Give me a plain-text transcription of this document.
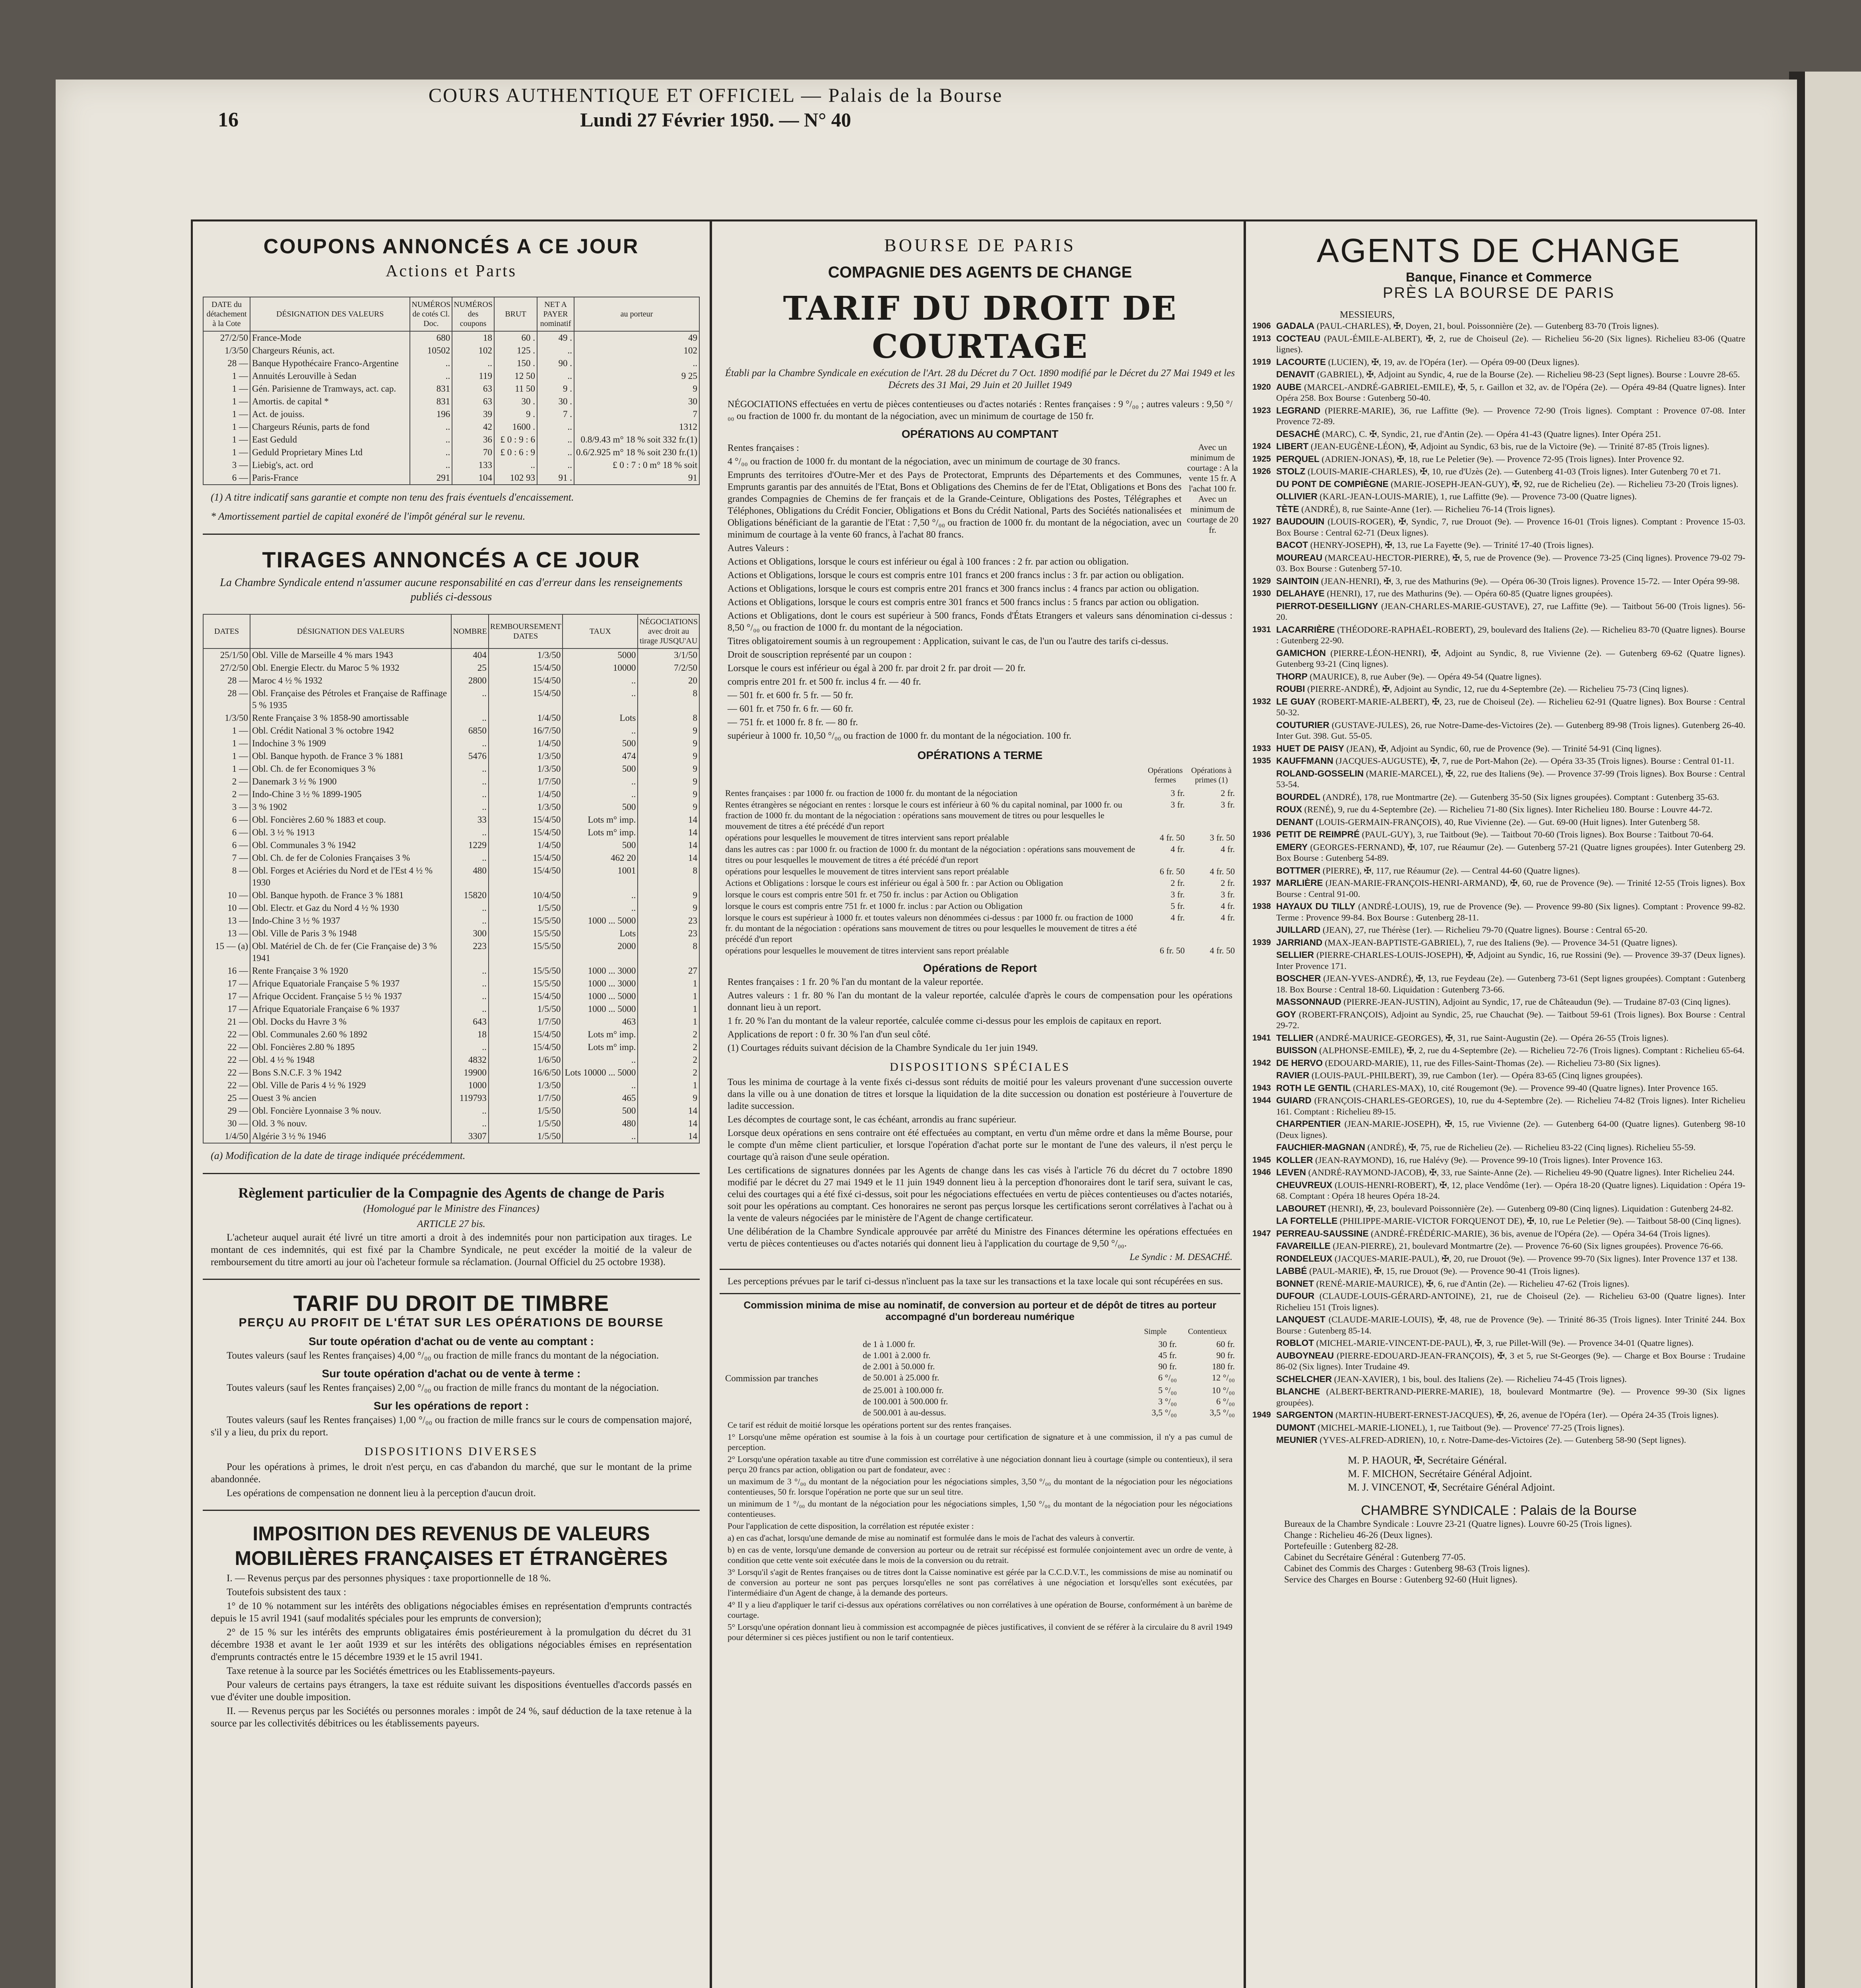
16
COURS AUTHENTIQUE ET OFFICIEL — Palais de la Bourse
Lundi 27 Février 1950. — N° 40
COUPONS ANNONCÉS A CE JOUR
Actions et Parts
DATE du détachement à la Cote	DÉSIGNATION DES VALEURS	NUMÉROS de cotés Cl. Doc.	NUMÉROS des coupons	BRUT	NET A PAYER nominatif	au porteur
27/2/50	France-Mode	680	18	60 .	49 .	49
1/3/50	Chargeurs Réunis, act.	10502	102	125 .	..	102
28 —	Banque Hypothécaire Franco-Argentine	..	..	150 .	90 .	..
1 —	Annuités Lerouville à Sedan	..	119	12 50	..	9 25
1 —	Gén. Parisienne de Tramways, act. cap.	831	63	11 50	9 .	9
1 —	Amortis. de capital *	831	63	30 .	30 .	30
1 —	Act. de jouiss.	196	39	9 .	7 .	7
1 —	Chargeurs Réunis, parts de fond	..	42	1600 .	..	1312
1 —	East Geduld	..	36	£ 0 : 9 : 6	..	0.8/9.43 m° 18 % soit 332 fr.(1)
1 —	Geduld Proprietary Mines Ltd	..	70	£ 0 : 6 : 9	..	0.6/2.925 m° 18 % soit 230 fr.(1)
3 —	Liebig's, act. ord	..	133	..	..	£ 0 : 7 : 0 m° 18 % soit
6 —	Paris-France	291	104	102 93	91 .	91
(1) A titre indicatif sans garantie et compte non tenu des frais éventuels d'encaissement.
* Amortissement partiel de capital exonéré de l'impôt général sur le revenu.
TIRAGES ANNONCÉS A CE JOUR
La Chambre Syndicale entend n'assumer aucune responsabilité en cas d'erreur dans les renseignements publiés ci-dessous
DATES	DÉSIGNATION DES VALEURS	NOMBRE	REMBOURSEMENT DATES	TAUX	NÉGOCIATIONS avec droit au tirage JUSQU'AU
25/1/50	Obl. Ville de Marseille 4 % mars 1943	404	1/3/50	5000	3/1/50
27/2/50	Obl. Energie Electr. du Maroc 5 % 1932	25	15/4/50	10000	7/2/50
28 —	Maroc 4 ½ % 1932	2800	15/4/50	..	20
28 —	Obl. Française des Pétroles et Française de Raffinage 5 % 1935	..	15/4/50	..	8
1/3/50	Rente Française 3 % 1858-90 amortissable	..	1/4/50	Lots	8
1 —	Obl. Crédit National 3 % octobre 1942	6850	16/7/50	..	9
1 —	Indochine 3 % 1909	..	1/4/50	500	9
1 —	Obl. Banque hypoth. de France 3 % 1881	5476	1/3/50	474	9
1 —	Obl. Ch. de fer Economiques 3 %	..	1/3/50	500	9
2 —	Danemark 3 ½ % 1900	..	1/7/50	..	9
2 —	Indo-Chine 3 ½ % 1899-1905	..	1/4/50	..	9
3 —	3 % 1902	..	1/3/50	500	9
6 —	Obl. Foncières 2.60 % 1883 et coup.	33	15/4/50	Lots m° imp.	14
6 —	Obl. 3 ½ % 1913	..	15/4/50	Lots m° imp.	14
6 —	Obl. Communales 3 % 1942	1229	1/4/50	500	14
7 —	Obl. Ch. de fer de Colonies Françaises 3 %	..	15/4/50	462 20	14
8 —	Obl. Forges et Aciéries du Nord et de l'Est 4 ½ % 1930	480	15/4/50	1001	8
10 —	Obl. Banque hypoth. de France 3 % 1881	15820	10/4/50	..	9
10 —	Obl. Electr. et Gaz du Nord 4 ½ % 1930	..	1/5/50	..	9
13 —	Indo-Chine 3 ½ % 1937	..	15/5/50	1000 ... 5000	23
13 —	Obl. Ville de Paris 3 % 1948	300	15/5/50	Lots	23
15 — (a)	Obl. Matériel de Ch. de fer (Cie Française de) 3 % 1941	223	15/5/50	2000	8
16 —	Rente Française 3 % 1920	..	15/5/50	1000 ... 3000	27
17 —	Afrique Equatoriale Française 5 % 1937	..	15/5/50	1000 ... 3000	1
17 —	Afrique Occident. Française 5 ½ % 1937	..	15/4/50	1000 ... 5000	1
17 —	Afrique Equatoriale Française 6 % 1937	..	1/5/50	1000 ... 5000	1
21 —	Obl. Docks du Havre 3 %	643	1/7/50	463	1
22 —	Obl. Communales 2.60 % 1892	18	15/4/50	Lots m° imp.	2
22 —	Obl. Foncières 2.80 % 1895	..	15/4/50	Lots m° imp.	2
22 —	Obl. 4 ½ % 1948	4832	1/6/50	..	2
22 —	Bons S.N.C.F. 3 % 1942	19900	16/6/50	Lots 10000 ... 5000	2
22 —	Obl. Ville de Paris 4 ½ % 1929	1000	1/3/50	..	1
25 —	Ouest 3 % ancien	119793	1/7/50	465	9
29 —	Obl. Foncière Lyonnaise 3 % nouv.	..	1/5/50	500	14
30 —	Old. 3 % nouv.	..	1/5/50	480	14
1/4/50	Algérie 3 ½ % 1946	3307	1/5/50	..	14
(a) Modification de la date de tirage indiquée précédemment.
Règlement particulier de la Compagnie des Agents de change de Paris
(Homologué par le Ministre des Finances)
ARTICLE 27 bis.
L'acheteur auquel aurait été livré un titre amorti a droit à des indemnités pour non participation aux tirages. Le montant de ces indemnités, qui est fixé par la Chambre Syndicale, ne peut excéder la moitié de la valeur de remboursement du titre amorti au jour où l'acheteur formule sa réclamation. (Journal Officiel du 25 octobre 1938).
TARIF DU DROIT DE TIMBRE
PERÇU AU PROFIT DE L'ÉTAT SUR LES OPÉRATIONS DE BOURSE
Sur toute opération d'achat ou de vente au comptant :
Toutes valeurs (sauf les Rentes françaises) 4,00 °/₀₀ ou fraction de mille francs du montant de la négociation.
Sur toute opération d'achat ou de vente à terme :
Toutes valeurs (sauf les Rentes françaises) 2,00 °/₀₀ ou fraction de mille francs du montant de la négociation.
Sur les opérations de report :
Toutes valeurs (sauf les Rentes françaises) 1,00 °/₀₀ ou fraction de mille francs sur le cours de compensation majoré, s'il y a lieu, du prix du report.
DISPOSITIONS DIVERSES
Pour les opérations à primes, le droit n'est perçu, en cas d'abandon du marché, que sur le montant de la prime abandonnée.
Les opérations de compensation ne donnent lieu à la perception d'aucun droit.
IMPOSITION DES REVENUS DE VALEURS MOBILIÈRES FRANÇAISES ET ÉTRANGÈRES
I. — Revenus perçus par des personnes physiques : taxe proportionnelle de 18 %.
Toutefois subsistent des taux :
1° de 10 % notamment sur les intérêts des obligations négociables émises en représentation d'emprunts contractés depuis le 15 avril 1941 (sauf modalités spéciales pour les emprunts de conversion);
2° de 15 % sur les intérêts des emprunts obligataires émis postérieurement à la promulgation du décret du 31 décembre 1938 et avant le 1er août 1939 et sur les intérêts des obligations négociables émises en représentation d'emprunts contractés entre le 15 décembre 1939 et le 15 avril 1941.
Taxe retenue à la source par les Sociétés émettrices ou les Etablissements-payeurs.
Pour valeurs de certains pays étrangers, la taxe est réduite suivant les dispositions éventuelles d'accords passés en vue d'éviter une double imposition.
II. — Revenus perçus par les Sociétés ou personnes morales : impôt de 24 %, sauf déduction de la taxe retenue à la source par les collectivités débitrices ou les établissements payeurs.
BOURSE DE PARIS
COMPAGNIE DES AGENTS DE CHANGE
TARIF DU DROIT DE COURTAGE
Établi par la Chambre Syndicale en exécution de l'Art. 28 du Décret du 7 Oct. 1890 modifié par le Décret du 27 Mai 1949 et les Décrets des 31 Mai, 29 Juin et 20 Juillet 1949
NÉGOCIATIONS effectuées en vertu de pièces contentieuses ou d'actes notariés : Rentes françaises : 9 °/₀₀ ; autres valeurs : 9,50 °/₀₀ ou fraction de 1000 fr. du montant de la négociation, avec un minimum de courtage de 150 fr.
OPÉRATIONS AU COMPTANT
Avec un minimum de courtage : A la vente 15 fr. A l'achat 100 fr. Avec un minimum de courtage de 20 fr.
Rentes françaises :
4 °/₀₀ ou fraction de 1000 fr. du montant de la négociation, avec un minimum de courtage de 30 francs.
Emprunts des territoires d'Outre-Mer et des Pays de Protectorat, Emprunts des Départements et des Communes, Emprunts garantis par des annuités de l'Etat, Bons et Obligations des Chemins de fer de l'Etat, Obligations et Bons des grandes Compagnies de Chemins de fer français et de la Grande-Ceinture, Obligations des Postes, Télégraphes et Téléphones, Obligations du Crédit Foncier, Obligations et Bons du Crédit National, Parts des Sociétés nationalisées et Obligations bénéficiant de la garantie de l'Etat : 7,50 °/₀₀ ou fraction de 1000 fr. du montant de la négociation, avec un minimum de courtage à la vente 60 francs, à l'achat 80 francs.
Autres Valeurs :
Actions et Obligations, lorsque le cours est inférieur ou égal à 100 frances : 2 fr. par action ou obligation.
Actions et Obligations, lorsque le cours est compris entre 101 francs et 200 francs inclus : 3 fr. par action ou obligation.
Actions et Obligations, lorsque le cours est compris entre 201 francs et 300 francs inclus : 4 francs par action ou obligation.
Actions et Obligations, lorsque le cours est compris entre 301 francs et 500 francs inclus : 5 francs par action ou obligation.
Actions et Obligations, dont le cours est supérieur à 500 francs, Fonds d'États Etrangers et valeurs sans dénomination ci-dessus : 8,50 °/₀₀ ou fraction de 1000 fr. du montant de la négociation.
Titres obligatoirement soumis à un regroupement : Application, suivant le cas, de l'un ou l'autre des tarifs ci-dessus.
Droit de souscription représenté par un coupon :
Lorsque le cours est inférieur ou égal à 200 fr. par droit 2 fr. par droit — 20 fr.
compris entre 201 fr. et 500 fr. inclus 4 fr. — 40 fr.
— 501 fr. et 600 fr. 5 fr. — 50 fr.
— 601 fr. et 750 fr. 6 fr. — 60 fr.
— 751 fr. et 1000 fr. 8 fr. — 80 fr.
supérieur à 1000 fr. 10,50 °/₀₀ ou fraction de 1000 fr. du montant de la négociation. 100 fr.
OPÉRATIONS A TERME
	Opérations fermes	Opérations à primes (1)
Rentes françaises : par 1000 fr. ou fraction de 1000 fr. du montant de la négociation	3 fr.	2 fr.
Rentes étrangères se négociant en rentes : lorsque le cours est inférieur à 60 % du capital nominal, par 1000 fr. ou fraction de 1000 fr. du montant de la négociation : opérations sans mouvement de titres ou pour lesquelles le mouvement de titres a été précédé d'un report	3 fr.	3 fr.
opérations pour lesquelles le mouvement de titres intervient sans report préalable	4 fr. 50	3 fr. 50
dans les autres cas : par 1000 fr. ou fraction de 1000 fr. du montant de la négociation : opérations sans mouvement de titres ou pour lesquelles le mouvement de titres a été précédé d'un report	4 fr.	4 fr.
opérations pour lesquelles le mouvement de titres intervient sans report préalable	6 fr. 50	4 fr. 50
Actions et Obligations : lorsque le cours est inférieur ou égal à 500 fr. : par Action ou Obligation	2 fr.	2 fr.
lorsque le cours est compris entre 501 fr. et 750 fr. inclus : par Action ou Obligation	3 fr.	3 fr.
lorsque le cours est compris entre 751 fr. et 1000 fr. inclus : par Action ou Obligation	5 fr.	4 fr.
lorsque le cours est supérieur à 1000 fr. et toutes valeurs non dénommées ci-dessus : par 1000 fr. ou fraction de 1000 fr. du montant de la négociation : opérations sans mouvement de titres ou pour lesquelles le mouvement de titres a été précédé d'un report	4 fr.	4 fr.
opérations pour lesquelles le mouvement de titres intervient sans report préalable	6 fr. 50	4 fr. 50
Opérations de Report
Rentes françaises : 1 fr. 20 % l'an du montant de la valeur reportée.
Autres valeurs : 1 fr. 80 % l'an du montant de la valeur reportée, calculée d'après le cours de compensation pour les opérations donnant lieu à un report.
1 fr. 20 % l'an du montant de la valeur reportée, calculée comme ci-dessus pour les emplois de capitaux en report.
Applications de report : 0 fr. 30 % l'an d'un seul côté.
(1) Courtages réduits suivant décision de la Chambre Syndicale du 1er juin 1949.
DISPOSITIONS SPÉCIALES
Tous les minima de courtage à la vente fixés ci-dessus sont réduits de moitié pour les valeurs provenant d'une succession ouverte dans la ville ou à une donation de titres et lorsque la liquidation de la dite succession ou donation est postérieure à l'ouverture de ladite succession.
Les décomptes de courtage sont, le cas échéant, arrondis au franc supérieur.
Lorsque deux opérations en sens contraire ont été effectuées au comptant, en vertu d'un même ordre et dans la même Bourse, pour le compte d'un même client particulier, et lorsque l'opération d'achat porte sur le montant de l'une des valeurs, il n'est perçu le courtage qu'à raison d'une seule opération.
Les certifications de signatures données par les Agents de change dans les cas visés à l'article 76 du décret du 7 octobre 1890 modifié par le décret du 27 mai 1949 et le 11 juin 1949 donnent lieu à la perception d'honoraires dont le tarif sera, suivant le cas, celui des courtages qui a été fixé ci-dessus, soit pour les négociations effectuées en vertu de pièces contentieuses ou d'actes notariés, soit pour les opérations au comptant. Ces honoraires ne seront pas perçus lorsque les certifications seront corrélatives à l'achat ou à la vente de valeurs négociées par le ministère de l'Agent de change certificateur.
Une délibération de la Chambre Syndicale approuvée par arrêté du Ministre des Finances détermine les opérations effectuées en vertu de pièces contentieuses ou d'actes notariés qui donnent lieu à l'application du courtage de 9,50 °/₀₀.
Le Syndic : M. DESACHÉ.
Les perceptions prévues par le tarif ci-dessus n'incluent pas la taxe sur les transactions et la taxe locale qui sont récupérées en sus.
Commission minima de mise au nominatif, de conversion au porteur et de dépôt de titres au porteur accompagné d'un bordereau numérique
		Simple	Contentieux
	de 1 à 1.000 fr.	30 fr.	60 fr.
	de 1.001 à 2.000 fr.	45 fr.	90 fr.
	de 2.001 à 50.000 fr.	90 fr.	180 fr.
Commission par tranches	de 50.001 à 25.000 fr.	6 °/₀₀	12 °/₀₀
	de 25.001 à 100.000 fr.	5 °/₀₀	10 °/₀₀
	de 100.001 à 500.000 fr.	3 °/₀₀	6 °/₀₀
	de 500.001 à au-dessus.	3,5 °/₀₀	3,5 °/₀₀
Ce tarif est réduit de moitié lorsque les opérations portent sur des rentes françaises.
1° Lorsqu'une même opération est soumise à la fois à un courtage pour certification de signature et à une commission, il n'y a pas cumul de perception.
2° Lorsqu'une opération taxable au titre d'une commission est corrélative à une négociation donnant lieu à courtage (simple ou contentieux), il sera perçu 20 francs par action, obligation ou part de fondateur, avec :
un maximum de 3 °/₀₀ du montant de la négociation pour les négociations simples, 3,50 °/₀₀ du montant de la négociation pour les négociations contentieuses, 50 fr. lorsque l'opération ne porte que sur un seul titre.
un minimum de 1 °/₀₀ du montant de la négociation pour les négociations simples, 1,50 °/₀₀ du montant de la négociation pour les négociations contentieuses.
Pour l'application de cette disposition, la corrélation est réputée exister :
a) en cas d'achat, lorsqu'une demande de mise au nominatif est formulée dans le mois de l'achat des valeurs à convertir.
b) en cas de vente, lorsqu'une demande de conversion au porteur ou de retrait sur récépissé est formulée conjointement avec un ordre de vente, à condition que cette vente soit exécutée dans le mois de la conversion ou du retrait.
3° Lorsqu'il s'agit de Rentes françaises ou de titres dont la Caisse nominative est gérée par la C.C.D.V.T., les commissions de mise au nominatif ou de conversion au porteur ne sont pas perçues lorsqu'elles ne sont pas corrélatives à une négociation et lorsqu'elles sont exécutées, par l'intermédiaire d'un Agent de change, à la demande des porteurs.
4° Il y a lieu d'appliquer le tarif ci-dessus aux opérations corrélatives ou non corrélatives à une opération de Bourse, conformément à un barème de courtage.
5° Lorsqu'une opération donnant lieu à commission est accompagnée de pièces justificatives, il convient de se référer à la circulaire du 8 avril 1949 pour déterminer si ces pièces justifient ou non le tarif contentieux.
AGENTS DE CHANGE
Banque, Finance et Commerce
PRÈS LA BOURSE DE PARIS
MESSIEURS,
1906 GADALA (PAUL-CHARLES), ✠, Doyen, 21, boul. Poissonnière (2e). — Gutenberg 83-70 (Trois lignes).
1913 COCTEAU (PAUL-ÉMILE-ALBERT), ✠, 2, rue de Choiseul (2e). — Richelieu 56-20 (Six lignes). Richelieu 83-06 (Quatre lignes).
1919 LACOURTE (LUCIEN), ✠, 19, av. de l'Opéra (1er). — Opéra 09-00 (Deux lignes).
DENAVIT (GABRIEL), ✠, Adjoint au Syndic, 4, rue de la Bourse (2e). — Richelieu 98-23 (Sept lignes). Bourse : Louvre 28-65.
1920 AUBE (MARCEL-ANDRÉ-GABRIEL-EMILE), ✠, 5, r. Gaillon et 32, av. de l'Opéra (2e). — Opéra 49-84 (Quatre lignes). Inter Opéra 258. Box Bourse : Gutenberg 50-40.
1923 LEGRAND (PIERRE-MARIE), 36, rue Laffitte (9e). — Provence 72-90 (Trois lignes). Comptant : Provence 07-08. Inter Provence 72-89.
DESACHÉ (MARC), C. ✠, Syndic, 21, rue d'Antin (2e). — Opéra 41-43 (Quatre lignes). Inter Opéra 251.
1924 LIBERT (JEAN-EUGÈNE-LÉON), ✠, Adjoint au Syndic, 63 bis, rue de la Victoire (9e). — Trinité 87-85 (Trois lignes).
1925 PERQUEL (ADRIEN-JONAS), ✠, 18, rue Le Peletier (9e). — Provence 72-95 (Trois lignes). Inter Provence 92.
1926 STOLZ (LOUIS-MARIE-CHARLES), ✠, 10, rue d'Uzès (2e). — Gutenberg 41-03 (Trois lignes). Inter Gutenberg 70 et 71.
DU PONT DE COMPIÈGNE (MARIE-JOSEPH-JEAN-GUY), ✠, 92, rue de Richelieu (2e). — Richelieu 73-20 (Trois lignes).
OLLIVIER (KARL-JEAN-LOUIS-MARIE), 1, rue Laffitte (9e). — Provence 73-00 (Quatre lignes).
TÈTE (ANDRÉ), 8, rue Sainte-Anne (1er). — Richelieu 76-14 (Trois lignes).
1927 BAUDOUIN (LOUIS-ROGER), ✠, Syndic, 7, rue Drouot (9e). — Provence 16-01 (Trois lignes). Comptant : Provence 15-03. Box Bourse : Central 62-71 (Deux lignes).
BACOT (HENRY-JOSEPH), ✠, 13, rue La Fayette (9e). — Trinité 17-40 (Trois lignes).
MOUREAU (MARCEAU-HECTOR-PIERRE), ✠, 5, rue de Provence (9e). — Provence 73-25 (Cinq lignes). Provence 79-02 79-03. Box Bourse : Gutenberg 57-10.
1929 SAINTOIN (JEAN-HENRI), ✠, 3, rue des Mathurins (9e). — Opéra 06-30 (Trois lignes). Provence 15-72. — Inter Opéra 99-98.
1930 DELAHAYE (HENRI), 17, rue des Mathurins (9e). — Opéra 60-85 (Quatre lignes groupées).
PIERROT-DESEILLIGNY (JEAN-CHARLES-MARIE-GUSTAVE), 27, rue Laffitte (9e). — Taitbout 56-00 (Trois lignes). 56-20.
1931 LACARRIÈRE (THÉODORE-RAPHAËL-ROBERT), 29, boulevard des Italiens (2e). — Richelieu 83-70 (Quatre lignes). Bourse : Gutenberg 22-90.
GAMICHON (PIERRE-LÉON-HENRI), ✠, Adjoint au Syndic, 8, rue Vivienne (2e). — Gutenberg 69-62 (Quatre lignes). Gutenberg 93-21 (Cinq lignes).
THORP (MAURICE), 8, rue Auber (9e). — Opéra 49-54 (Quatre lignes).
ROUBI (PIERRE-ANDRÉ), ✠, Adjoint au Syndic, 12, rue du 4-Septembre (2e). — Richelieu 75-73 (Cinq lignes).
1932 LE GUAY (ROBERT-MARIE-ALBERT), ✠, 23, rue de Choiseul (2e). — Richelieu 62-91 (Quatre lignes). Box Bourse : Central 50-32.
COUTURIER (GUSTAVE-JULES), 26, rue Notre-Dame-des-Victoires (2e). — Gutenberg 89-98 (Trois lignes). Gutenberg 26-40. Inter Gut. 398. Gut. 55-05.
1933 HUET DE PAISY (JEAN), ✠, Adjoint au Syndic, 60, rue de Provence (9e). — Trinité 54-91 (Cinq lignes).
1935 KAUFFMANN (JACQUES-AUGUSTE), ✠, 7, rue de Port-Mahon (2e). — Opéra 33-35 (Trois lignes). Bourse : Central 01-11.
ROLAND-GOSSELIN (MARIE-MARCEL), ✠, 22, rue des Italiens (9e). — Provence 37-99 (Trois lignes). Box Bourse : Central 53-54.
BOURDEL (ANDRÉ), 178, rue Montmartre (2e). — Gutenberg 35-50 (Six lignes groupées). Comptant : Gutenberg 35-63.
ROUX (RENÉ), 9, rue du 4-Septembre (2e). — Richelieu 71-80 (Six lignes). Inter Richelieu 180. Bourse : Louvre 44-72.
DENANT (LOUIS-GERMAIN-FRANÇOIS), 40, Rue Vivienne (2e). — Gut. 69-00 (Huit lignes). Inter Gutenberg 58.
1936 PETIT DE REIMPRÉ (PAUL-GUY), 3, rue Taitbout (9e). — Taitbout 70-60 (Trois lignes). Box Bourse : Taitbout 70-64.
EMERY (GEORGES-FERNAND), ✠, 107, rue Réaumur (2e). — Gutenberg 57-21 (Quatre lignes groupées). Inter Gutenberg 29. Box Bourse : Gutenberg 54-89.
BOTTMER (PIERRE), ✠, 117, rue Réaumur (2e). — Central 44-60 (Quatre lignes).
1937 MARLIÈRE (JEAN-MARIE-FRANÇOIS-HENRI-ARMAND), ✠, 60, rue de Provence (9e). — Trinité 12-55 (Trois lignes). Box Bourse : Central 91-00.
1938 HAYAUX DU TILLY (ANDRÉ-LOUIS), 19, rue de Provence (9e). — Provence 99-80 (Six lignes). Comptant : Provence 99-82. Terme : Provence 99-84. Box Bourse : Gutenberg 28-11.
JUILLARD (JEAN), 27, rue Thérèse (1er). — Richelieu 79-70 (Quatre lignes). Bourse : Central 65-20.
1939 JARRIAND (MAX-JEAN-BAPTISTE-GABRIEL), 7, rue des Italiens (9e). — Provence 34-51 (Quatre lignes).
SELLIER (PIERRE-CHARLES-LOUIS-JOSEPH), ✠, Adjoint au Syndic, 16, rue Rossini (9e). — Provence 39-37 (Deux lignes). Inter Provence 171.
BOSCHER (JEAN-YVES-ANDRÉ), ✠, 13, rue Feydeau (2e). — Gutenberg 73-61 (Sept lignes groupées). Comptant : Gutenberg 18. Box Bourse : Central 18-60. Liquidation : Gutenberg 73-66.
MASSONNAUD (PIERRE-JEAN-JUSTIN), Adjoint au Syndic, 17, rue de Châteaudun (9e). — Trudaine 87-03 (Cinq lignes).
GOY (ROBERT-FRANÇOIS), Adjoint au Syndic, 25, rue Chauchat (9e). — Taitbout 59-61 (Trois lignes). Box Bourse : Central 29-72.
1941 TELLIER (ANDRÉ-MAURICE-GEORGES), ✠, 31, rue Saint-Augustin (2e). — Opéra 26-55 (Trois lignes).
BUISSON (ALPHONSE-EMILE), ✠, 2, rue du 4-Septembre (2e). — Richelieu 72-76 (Trois lignes). Comptant : Richelieu 65-64.
1942 DE HERVO (EDOUARD-MARIE), 11, rue des Filles-Saint-Thomas (2e). — Richelieu 73-80 (Six lignes).
RAVIER (LOUIS-PAUL-PHILBERT), 39, rue Cambon (1er). — Opéra 83-65 (Cinq lignes groupées).
1943 ROTH LE GENTIL (CHARLES-MAX), 10, cité Rougemont (9e). — Provence 99-40 (Quatre lignes). Inter Provence 165.
1944 GUIARD (FRANÇOIS-CHARLES-GEORGES), 10, rue du 4-Septembre (2e). — Richelieu 74-82 (Trois lignes). Inter Richelieu 161. Comptant : Richelieu 89-15.
CHARPENTIER (JEAN-MARIE-JOSEPH), ✠, 15, rue Vivienne (2e). — Gutenberg 64-00 (Quatre lignes). Gutenberg 98-10 (Deux lignes).
FAUCHIER-MAGNAN (ANDRÉ), ✠, 75, rue de Richelieu (2e). — Richelieu 83-22 (Cinq lignes). Richelieu 55-59.
1945 KOLLER (JEAN-RAYMOND), 16, rue Halévy (9e). — Provence 99-10 (Trois lignes). Inter Provence 163.
1946 LEVEN (ANDRÉ-RAYMOND-JACOB), ✠, 33, rue Sainte-Anne (2e). — Richelieu 49-90 (Quatre lignes). Inter Richelieu 244.
CHEUVREUX (LOUIS-HENRI-ROBERT), ✠, 12, place Vendôme (1er). — Opéra 18-20 (Quatre lignes). Liquidation : Opéra 19-68. Comptant : Opéra 18 heures Opéra 18-24.
LABOURET (HENRI), ✠, 23, boulevard Poissonnière (2e). — Gutenberg 09-80 (Cinq lignes). Liquidation : Gutenberg 24-82.
LA FORTELLE (PHILIPPE-MARIE-VICTOR FORQUENOT DE), ✠, 10, rue Le Peletier (9e). — Taitbout 58-00 (Cinq lignes).
1947 PERREAU-SAUSSINE (ANDRÉ-FRÉDÉRIC-MARIE), 36 bis, avenue de l'Opéra (2e). — Opéra 34-64 (Trois lignes).
FAVAREILLE (JEAN-PIERRE), 21, boulevard Montmartre (2e). — Provence 76-60 (Six lignes groupées). Provence 76-66.
RONDELEUX (JACQUES-MARIE-PAUL), ✠, 20, rue Drouot (9e). — Provence 99-70 (Six lignes). Inter Provence 137 et 138.
LABBÉ (PAUL-MARIE), ✠, 15, rue Drouot (9e). — Provence 90-41 (Trois lignes).
BONNET (RENÉ-MARIE-MAURICE), ✠, 6, rue d'Antin (2e). — Richelieu 47-62 (Trois lignes).
DUFOUR (CLAUDE-LOUIS-GÉRARD-ANTOINE), 21, rue de Choiseul (2e). — Richelieu 63-00 (Quatre lignes). Inter Richelieu 151 (Trois lignes).
LANQUEST (CLAUDE-MARIE-LOUIS), ✠, 48, rue de Provence (9e). — Trinité 86-35 (Trois lignes). Inter Trinité 244. Box Bourse : Gutenberg 85-14.
ROBLOT (MICHEL-MARIE-VINCENT-DE-PAUL), ✠, 3, rue Pillet-Will (9e). — Provence 34-01 (Quatre lignes).
AUBOYNEAU (PIERRE-EDOUARD-JEAN-FRANÇOIS), ✠, 3 et 5, rue St-Georges (9e). — Charge et Box Bourse : Trudaine 86-02 (Six lignes). Inter Trudaine 49.
SCHELCHER (JEAN-XAVIER), 1 bis, boul. des Italiens (2e). — Richelieu 74-45 (Trois lignes).
BLANCHE (ALBERT-BERTRAND-PIERRE-MARIE), 18, boulevard Montmartre (9e). — Provence 99-30 (Six lignes groupées).
1949 SARGENTON (MARTIN-HUBERT-ERNEST-JACQUES), ✠, 26, avenue de l'Opéra (1er). — Opéra 24-35 (Trois lignes).
DUMONT (MICHEL-MARIE-LIONEL), 1, rue Taitbout (9e). — Provence' 77-25 (Trois lignes).
MEUNIER (YVES-ALFRED-ADRIEN), 10, r. Notre-Dame-des-Victoires (2e). — Gutenberg 58-90 (Sept lignes).
M. P. HAOUR, ✠, Secrétaire Général.
M. F. MICHON, Secrétaire Général Adjoint.
M. J. VINCENOT, ✠, Secrétaire Général Adjoint.
CHAMBRE SYNDICALE : Palais de la Bourse
Bureaux de la Chambre Syndicale : Louvre 23-21 (Quatre lignes). Louvre 60-25 (Trois lignes).
Change : Richelieu 46-26 (Deux lignes).
Portefeuille : Gutenberg 82-28.
Cabinet du Secrétaire Général : Gutenberg 77-05.
Cabinet des Commis des Charges : Gutenberg 98-63 (Trois lignes).
Service des Charges en Bourse : Gutenberg 92-60 (Huit lignes).
